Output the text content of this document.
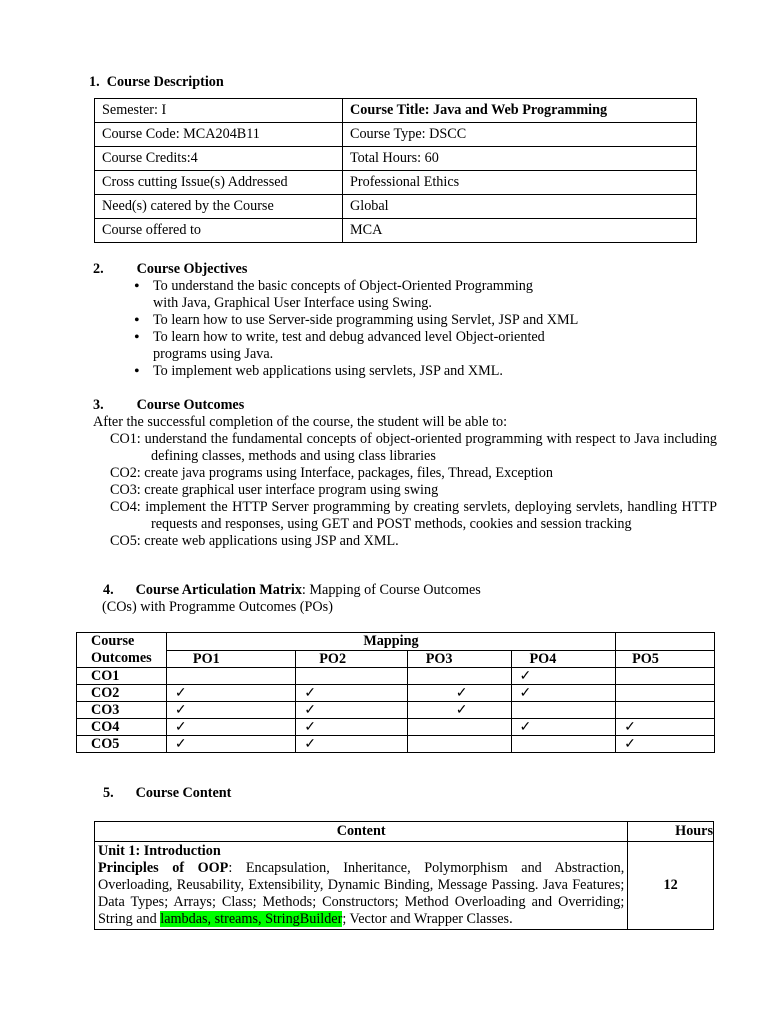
1. Course Description
Semester: I	Course Title: Java and Web Programming
Course Code: MCA204B11	Course Type: DSCC
Course Credits:4	Total Hours: 60
Cross cutting Issue(s) Addressed	Professional Ethics
Need(s) catered by the Course	Global
Course offered to	MCA
2. Course Objectives
• To understand the basic concepts of Object-Oriented Programming
with Java, Graphical User Interface using Swing.
• To learn how to use Server-side programming using Servlet, JSP and XML
• To learn how to write, test and debug advanced level Object-oriented
programs using Java.
• To implement web applications using servlets, JSP and XML.
3. Course Outcomes
After the successful completion of the course, the student will be able to:
CO1: understand the fundamental concepts of object-oriented programming with respect to Java including defining classes, methods and using class libraries
CO2: create java programs using Interface, packages, files, Thread, Exception
CO3: create graphical user interface program using swing
CO4: implement the HTTP Server programming by creating servlets, deploying servlets, handling HTTP requests and responses, using GET and POST methods, cookies and session tracking
CO5: create web applications using JSP and XML.
4. Course Articulation Matrix: Mapping of Course Outcomes
(COs) with Programme Outcomes (POs)
Course
Outcomes	Mapping				
	PO1	PO2	PO3	PO4	PO5
CO1				✓	
CO2	✓	✓	✓	✓	
CO3	✓	✓	✓		
CO4	✓	✓		✓	✓
CO5	✓	✓			✓
5. Course Content
Content	Hours
Unit 1: Introduction
Principles of OOP: Encapsulation, Inheritance, Polymorphism and Abstraction, Overloading, Reusability, Extensibility, Dynamic Binding, Message Passing. Java Features; Data Types; Arrays; Class; Methods; Constructors; Method Overloading and Overriding; String and lambdas, streams, StringBuilder; Vector and Wrapper Classes.	12
